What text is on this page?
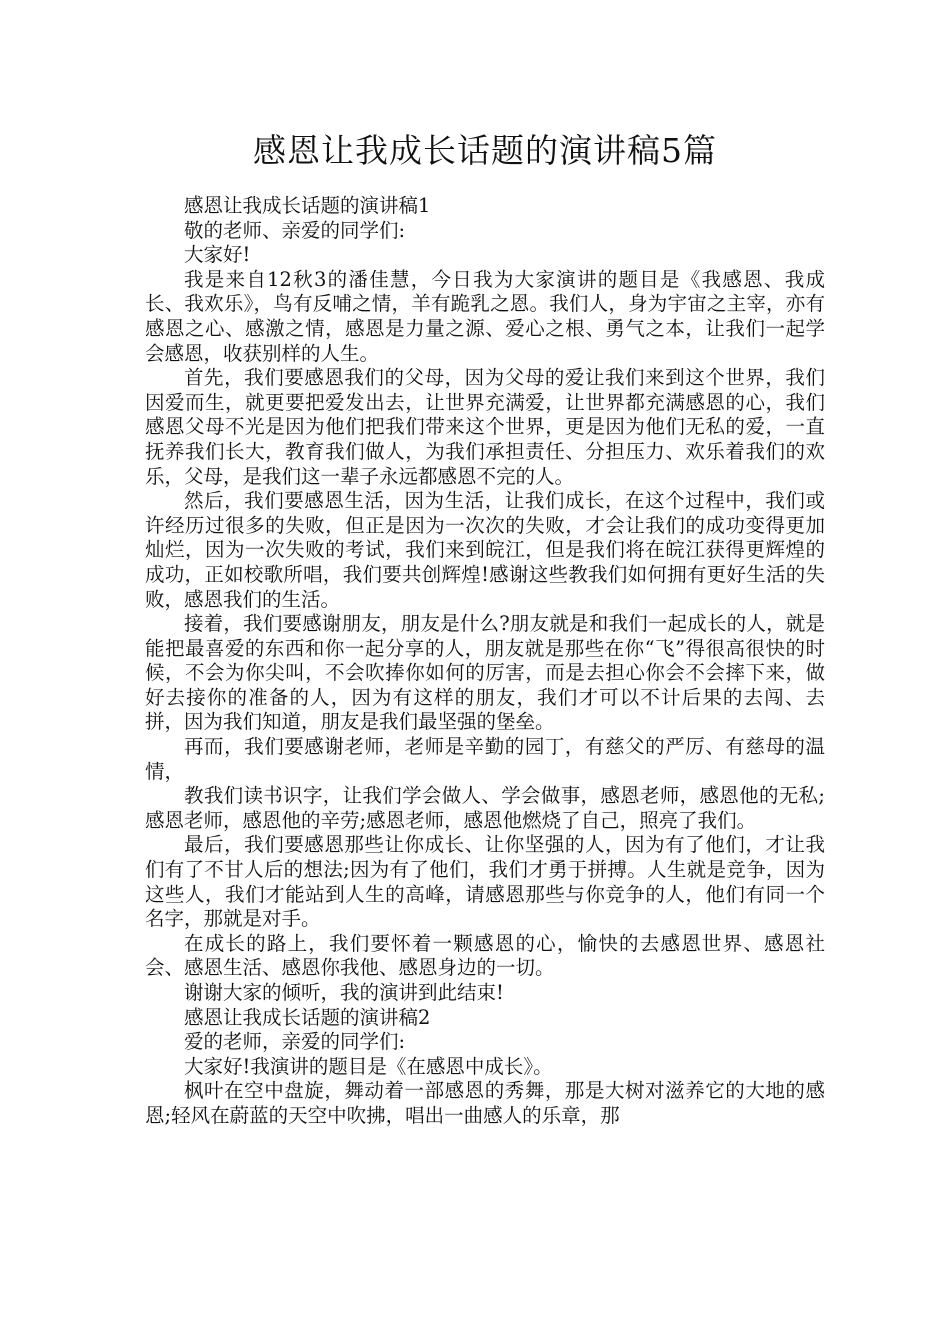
感恩让我成长话题的演讲稿5篇

感恩让我成长话题的演讲稿1

敬的老师、亲爱的同学们:

大家好!

我是来自12秋3的潘佳慧，今日我为大家演讲的题目是《我感恩、我成长、我欢乐》，鸟有反哺之情，羊有跪乳之恩。我们人，身为宇宙之主宰，亦有感恩之心、感激之情，感恩是力量之源、爱心之根、勇气之本，让我们一起学会感恩，收获别样的人生。

首先，我们要感恩我们的父母，因为父母的爱让我们来到这个世界，我们因爱而生，就更要把爱发出去，让世界充满爱，让世界都充满感恩的心，我们感恩父母不光是因为他们把我们带来这个世界，更是因为他们无私的爱，一直抚养我们长大，教育我们做人，为我们承担责任、分担压力、欢乐着我们的欢乐，父母，是我们这一辈子永远都感恩不完的人。

然后，我们要感恩生活，因为生活，让我们成长，在这个过程中，我们或许经历过很多的失败，但正是因为一次次的失败，才会让我们的成功变得更加灿烂，因为一次失败的考试，我们来到皖江，但是我们将在皖江获得更辉煌的成功，正如校歌所唱，我们要共创辉煌!感谢这些教我们如何拥有更好生活的失败，感恩我们的生活。

接着，我们要感谢朋友，朋友是什么?朋友就是和我们一起成长的人，就是能把最喜爱的东西和你一起分享的人，朋友就是那些在你“飞”得很高很快的时候，不会为你尖叫，不会吹捧你如何的厉害，而是去担心你会不会摔下来，做好去接你的准备的人，因为有这样的朋友，我们才可以不计后果的去闯、去拼，因为我们知道，朋友是我们最坚强的堡垒。

再而，我们要感谢老师，老师是辛勤的园丁，有慈父的严厉、有慈母的温情，

教我们读书识字，让我们学会做人、学会做事，感恩老师，感恩他的无私;感恩老师，感恩他的辛劳;感恩老师，感恩他燃烧了自己，照亮了我们。

最后，我们要感恩那些让你成长、让你坚强的人，因为有了他们，才让我们有了不甘人后的想法;因为有了他们，我们才勇于拼搏。人生就是竞争，因为这些人，我们才能站到人生的高峰，请感恩那些与你竞争的人，他们有同一个名字，那就是对手。

在成长的路上，我们要怀着一颗感恩的心，愉快的去感恩世界、感恩社会、感恩生活、感恩你我他、感恩身边的一切。

谢谢大家的倾听，我的演讲到此结束!

感恩让我成长话题的演讲稿2

爱的老师，亲爱的同学们:

大家好!我演讲的题目是《在感恩中成长》。

枫叶在空中盘旋，舞动着一部感恩的秀舞，那是大树对滋养它的大地的感恩;轻风在蔚蓝的天空中吹拂，唱出一曲感人的乐章，那
